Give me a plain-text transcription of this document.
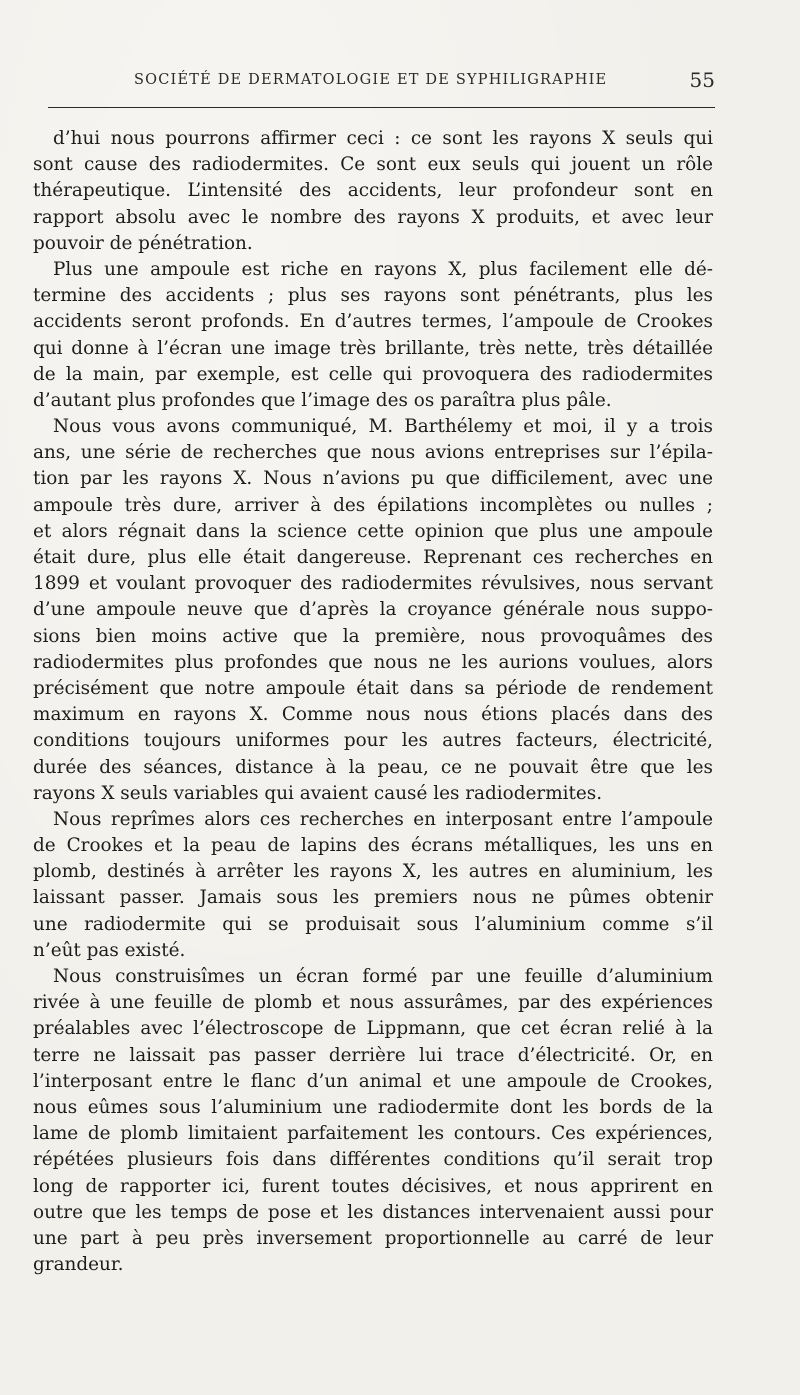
SOCIÉTÉ DE DERMATOLOGIE ET DE SYPHILIGRAPHIE	55

d’hui nous pourrons affirmer ceci : ce sont les rayons X seuls qui
sont cause des radiodermites. Ce sont eux seuls qui jouent un rôle
thérapeutique. L’intensité des accidents, leur profondeur sont en
rapport absolu avec le nombre des rayons X produits, et avec leur
pouvoir de pénétration.

Plus une ampoule est riche en rayons X, plus facilement elle dé-
termine des accidents ; plus ses rayons sont pénétrants, plus les
accidents seront profonds. En d’autres termes, l’ampoule de Crookes
qui donne à l’écran une image très brillante, très nette, très détaillée
de la main, par exemple, est celle qui provoquera des radiodermites
d’autant plus profondes que l’image des os paraîtra plus pâle.

Nous vous avons communiqué, M. Barthélemy et moi, il y a trois
ans, une série de recherches que nous avions entreprises sur l’épila-
tion par les rayons X. Nous n’avions pu que difficilement, avec une
ampoule très dure, arriver à des épilations incomplètes ou nulles ;
et alors régnait dans la science cette opinion que plus une ampoule
était dure, plus elle était dangereuse. Reprenant ces recherches en
1899 et voulant provoquer des radiodermites révulsives, nous servant
d’une ampoule neuve que d’après la croyance générale nous suppo-
sions bien moins active que la première, nous provoquâmes des
radiodermites plus profondes que nous ne les aurions voulues, alors
précisément que notre ampoule était dans sa période de rendement
maximum en rayons X. Comme nous nous étions placés dans des
conditions toujours uniformes pour les autres facteurs, électricité,
durée des séances, distance à la peau, ce ne pouvait être que les
rayons X seuls variables qui avaient causé les radiodermites.

Nous reprîmes alors ces recherches en interposant entre l’ampoule
de Crookes et la peau de lapins des écrans métalliques, les uns en
plomb, destinés à arrêter les rayons X, les autres en aluminium, les
laissant passer. Jamais sous les premiers nous ne pûmes obtenir
une radiodermite qui se produisait sous l’aluminium comme s’il
n’eût pas existé.

Nous construisîmes un écran formé par une feuille d’aluminium
rivée à une feuille de plomb et nous assurâmes, par des expériences
préalables avec l’électroscope de Lippmann, que cet écran relié à la
terre ne laissait pas passer derrière lui trace d’électricité. Or, en
l’interposant entre le flanc d’un animal et une ampoule de Crookes,
nous eûmes sous l’aluminium une radiodermite dont les bords de la
lame de plomb limitaient parfaitement les contours. Ces expériences,
répétées plusieurs fois dans différentes conditions qu’il serait trop
long de rapporter ici, furent toutes décisives, et nous apprirent en
outre que les temps de pose et les distances intervenaient aussi pour
une part à peu près inversement proportionnelle au carré de leur
grandeur.
